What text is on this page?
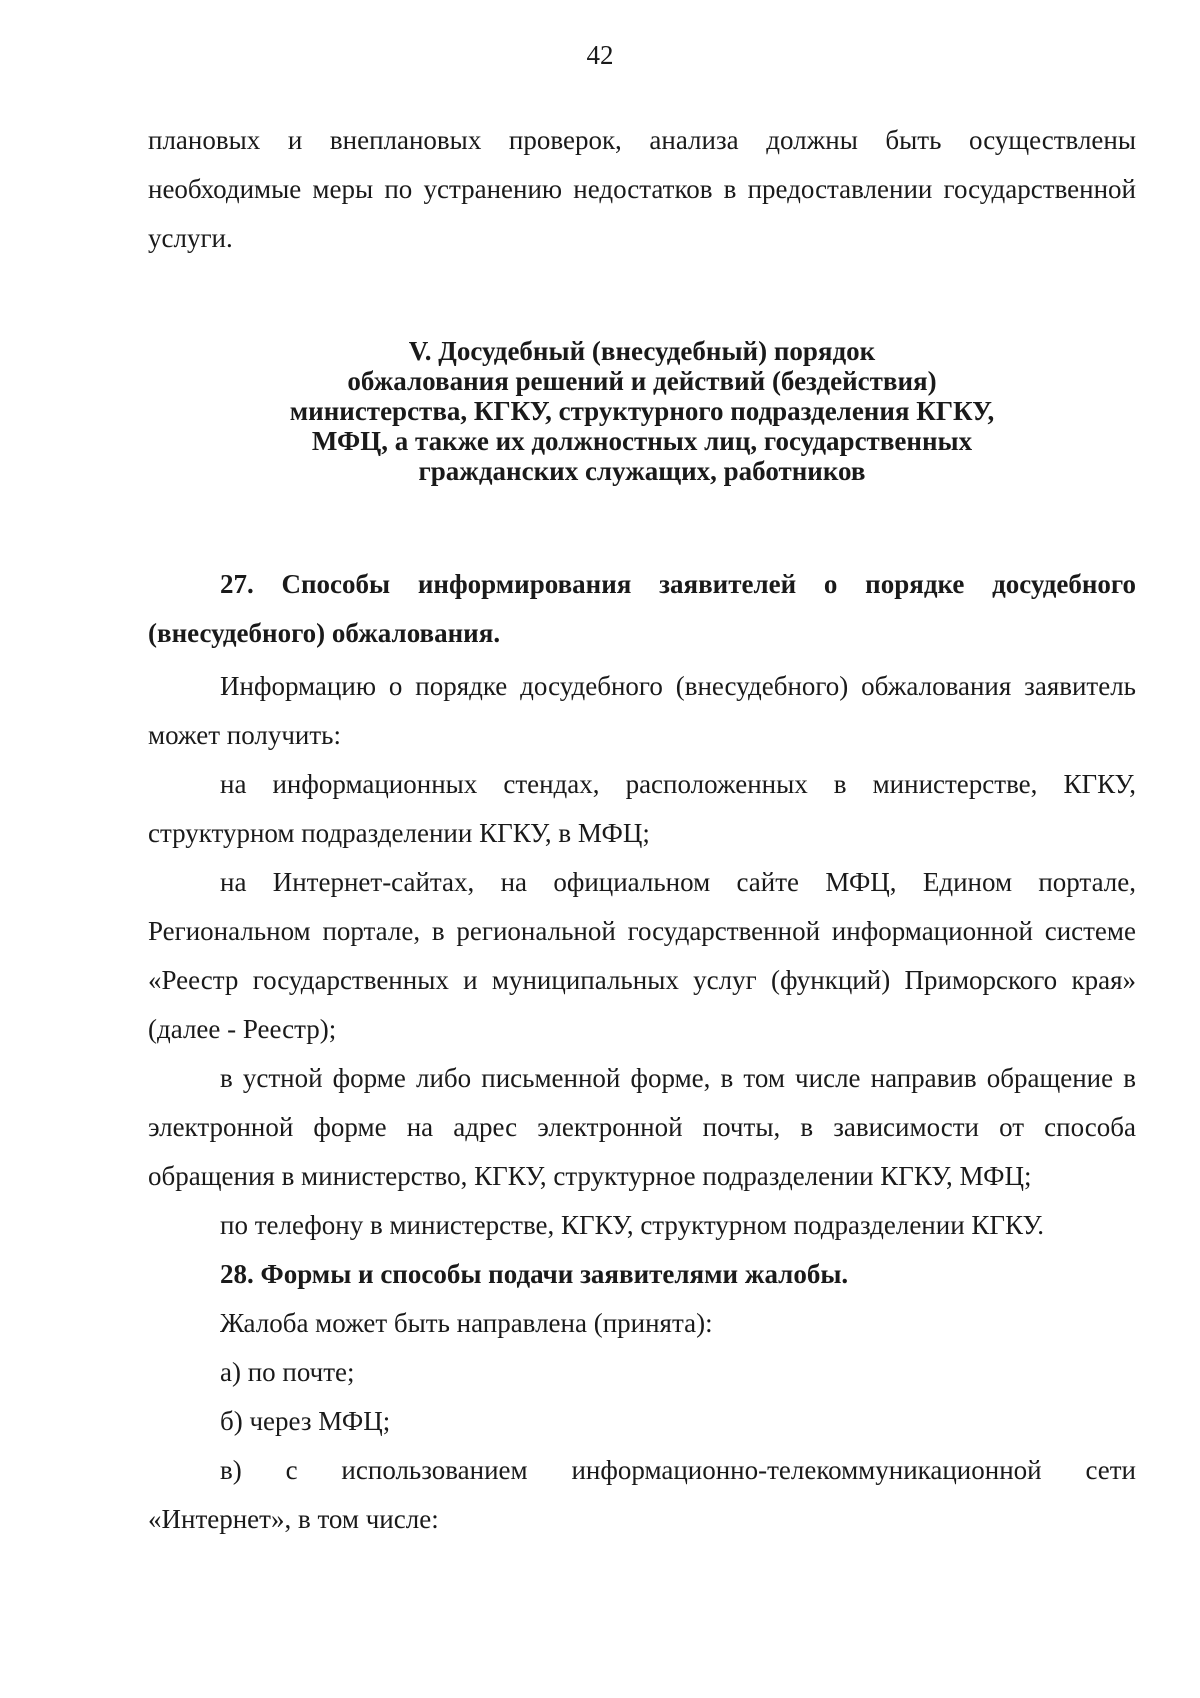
42

плановых и внеплановых проверок, анализа должны быть осуществлены необходимые меры по устранению недостатков в предоставлении государственной услуги.

V. Досудебный (внесудебный) порядок
обжалования решений и действий (бездействия)
министерства, КГКУ, структурного подразделения КГКУ,
МФЦ, а также их должностных лиц, государственных
гражданских служащих, работников

27. Способы информирования заявителей о порядке досудебного (внесудебного) обжалования.

Информацию о порядке досудебного (внесудебного) обжалования заявитель может получить:

на информационных стендах, расположенных в министерстве, КГКУ, структурном подразделении КГКУ, в МФЦ;

на Интернет-сайтах, на официальном сайте МФЦ, Едином портале, Региональном портале, в региональной государственной информационной системе «Реестр государственных и муниципальных услуг (функций) Приморского края» (далее - Реестр);

в устной форме либо письменной форме, в том числе направив обращение в электронной форме на адрес электронной почты, в зависимости от способа обращения в министерство, КГКУ, структурное подразделении КГКУ, МФЦ;

по телефону в министерстве, КГКУ, структурном подразделении КГКУ.

28. Формы и способы подачи заявителями жалобы.

Жалоба может быть направлена (принята):

а) по почте;

б) через МФЦ;

в) с использованием информационно-телекоммуникационной сети «Интернет», в том числе:
